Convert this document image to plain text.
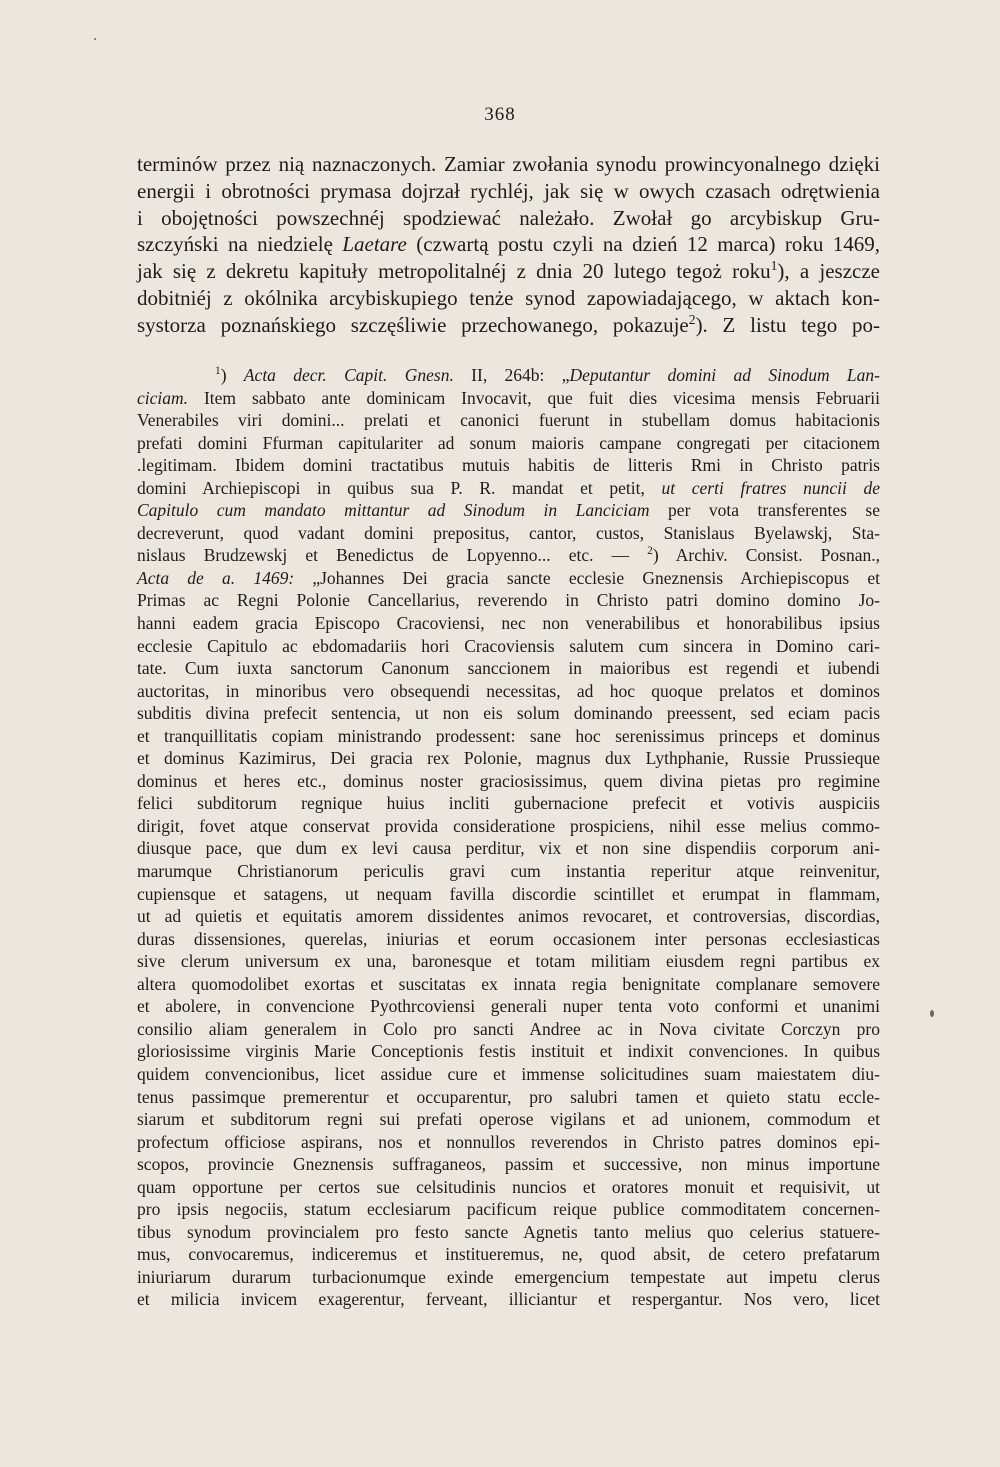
368
terminów przez nią naznaczonych. Zamiar zwołania synodu prowincyonalnego dzięki
energii i obrotności prymasa dojrzał rychléj, jak się w owych czasach odrętwienia
i obojętności powszechnéj spodziewać należało. Zwołał go arcybiskup Gru-
szczyński na niedzielę Laetare (czwartą postu czyli na dzień 12 marca) roku 1469,
jak się z dekretu kapituły metropolitalnéj z dnia 20 lutego tegoż roku$^1$), a jeszcze
dobitniéj z okólnika arcybiskupiego tenże synod zapowiadającego, w aktach kon-
systorza poznańskiego szczęśliwie przechowanego, pokazuje$^2$). Z listu tego po-
$^1$) Acta decr. Capit. Gnesn. II, 264b: „Deputantur domini ad Sinodum Lan-
ciciam. Item sabbato ante dominicam Invocavit, que fuit dies vicesima mensis Februarii
Venerabiles viri domini... prelati et canonici fuerunt in stubellam domus habitacionis
prefati domini Ffurman capitulariter ad sonum maioris campane congregati per citacionem
.legitimam. Ibidem domini tractatibus mutuis habitis de litteris Rmi in Christo patris
domini Archiepiscopi in quibus sua P. R. mandat et petit, ut certi fratres nuncii de
Capitulo cum mandato mittantur ad Sinodum in Lanciciam per vota transferentes se
decreverunt, quod vadant domini prepositus, cantor, custos, Stanislaus Byelawskj, Sta-
nislaus Brudzewskj et Benedictus de Lopyenno... etc. — $^2$) Archiv. Consist. Posnan.,
Acta de a. 1469: „Johannes Dei gracia sancte ecclesie Gneznensis Archiepiscopus et
Primas ac Regni Polonie Cancellarius, reverendo in Christo patri domino domino Jo-
hanni eadem gracia Episcopo Cracoviensi, nec non venerabilibus et honorabilibus ipsius
ecclesie Capitulo ac ebdomadariis hori Cracoviensis salutem cum sincera in Domino cari-
tate. Cum iuxta sanctorum Canonum sanccionem in maioribus est regendi et iubendi
auctoritas, in minoribus vero obsequendi necessitas, ad hoc quoque prelatos et dominos
subditis divina prefecit sentencia, ut non eis solum dominando preessent, sed eciam pacis
et tranquillitatis copiam ministrando prodessent: sane hoc serenissimus princeps et dominus
et dominus Kazimirus, Dei gracia rex Polonie, magnus dux Lythphanie, Russie Prussieque
dominus et heres etc., dominus noster graciosissimus, quem divina pietas pro regimine
felici subditorum regnique huius incliti gubernacione prefecit et votivis auspiciis
dirigit, fovet atque conservat provida consideratione prospiciens, nihil esse melius commo-
diusque pace, que dum ex levi causa perditur, vix et non sine dispendiis corporum ani-
marumque Christianorum periculis gravi cum instantia reperitur atque reinvenitur,
cupiensque et satagens, ut nequam favilla discordie scintillet et erumpat in flammam,
ut ad quietis et equitatis amorem dissidentes animos revocaret, et controversias, discordias,
duras dissensiones, querelas, iniurias et eorum occasionem inter personas ecclesiasticas
sive clerum universum ex una, baronesque et totam militiam eiusdem regni partibus ex
altera quomodolibet exortas et suscitatas ex innata regia benignitate complanare semovere
et abolere, in convencione Pyothrcoviensi generali nuper tenta voto conformi et unanimi
consilio aliam generalem in Colo pro sancti Andree ac in Nova civitate Corczyn pro
gloriosissime virginis Marie Conceptionis festis instituit et indixit convenciones. In quibus
quidem convencionibus, licet assidue cure et immense solicitudines suam maiestatem diu-
tenus passimque premerentur et occuparentur, pro salubri tamen et quieto statu eccle-
siarum et subditorum regni sui prefati operose vigilans et ad unionem, commodum et
profectum officiose aspirans, nos et nonnullos reverendos in Christo patres dominos epi-
scopos, provincie Gneznensis suffraganeos, passim et successive, non minus importune
quam opportune per certos sue celsitudinis nuncios et oratores monuit et requisivit, ut
pro ipsis negociis, statum ecclesiarum pacificum reique publice commoditatem concernen-
tibus synodum provincialem pro festo sancte Agnetis tanto melius quo celerius statuere-
mus, convocaremus, indiceremus et institueremus, ne, quod absit, de cetero prefatarum
iniuriarum durarum turbacionumque exinde emergencium tempestate aut impetu clerus
et milicia invicem exagerentur, ferveant, illiciantur et respergantur. Nos vero, licet
